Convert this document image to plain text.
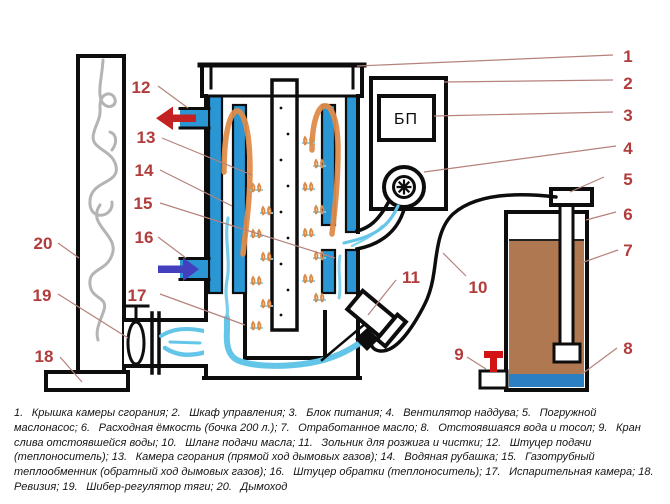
БП
1
2
3
4
5
6
7
8
9
10
11
12
13
14
15
16
17
18
19
20
1.  Крышка камеры сгорания; 2.  Шкаф управления; 3.  Блок питания; 4.  Вентилятор наддува; 5.  Погружной маслонасос; 6.  Расходная ёмкость (бочка 200 л.); 7.  Отработанное масло; 8.  Отстоявшаяся вода и тосол; 9.  Кран слива отстоявшейся воды; 10.  Шланг подачи масла; 11.  Зольник для розжига и чистки; 12.  Штуцер подачи (теплоноситель); 13.  Камера сгорания (прямой ход дымовых газов); 14.  Водяная рубашка; 15.  Газотрубный теплообменник (обратный ход дымовых газов); 16.  Штуцер обратки (теплоноситель); 17.  Испарительная камера; 18.  Ревизия; 19.  Шибер-регулятор тяги; 20.  Дымоход
